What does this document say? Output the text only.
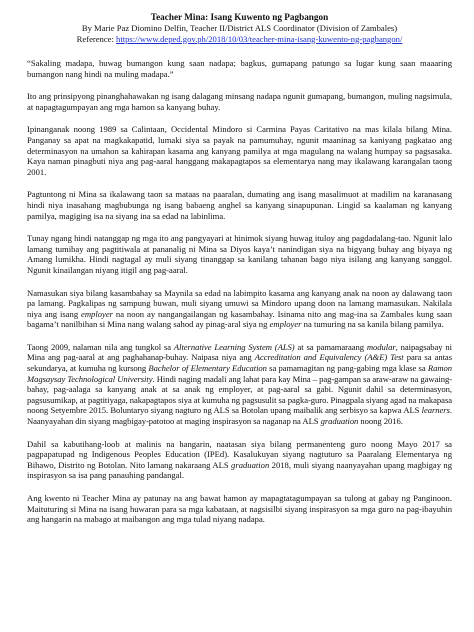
Teacher Mina: Isang Kuwento ng Pagbangon

By Marie Paz Diomino Delfin, Teacher II/District ALS Coordinator (Division of Zambales)

Reference: https://www.deped.gov.ph/2018/10/03/teacher-mina-isang-kuwento-ng-pagbangon/

“Sakaling madapa, huwag bumangon kung saan nadapa; bagkus, gumapang patungo sa lugar kung saan maaaring bumangon nang hindi na muling madapa.”

Ito ang prinsipyong pinanghahawakan ng isang dalagang minsang nadapa ngunit gumapang, bumangon, muling nagsimula, at napagtagumpayan ang mga hamon sa kanyang buhay.

Ipinanganak noong 1989 sa Calintaan, Occidental Mindoro si Carmina Payas Caritativo na mas kilala bilang Mina. Panganay sa apat na magkakapatid, lumaki siya sa payak na pamumuhay, ngunit maaninag sa kaniyang pagkatao ang determinasyon na umahon sa kahirapan kasama ang kanyang pamilya at mga magulang na walang humpay sa pagsasaka. Kaya naman pinagbuti niya ang pag-aaral hanggang makapagtapos sa elementarya nang may ikalawang karangalan taong 2001.

Pagtuntong ni Mina sa ikalawang taon sa mataas na paaralan, dumating ang isang masalimuot at madilim na karanasang hindi niya inasahang magbubunga ng isang babaeng anghel sa kanyang sinapupunan. Lingid sa kaalaman ng kanyang pamilya, magiging isa na siyang ina sa edad na labinlima.

Tunay ngang hindi natanggap ng mga ito ang pangyayari at hinimok siyang huwag ituloy ang pagdadalang-tao. Ngunit lalo lamang tumibay ang pagtitiwala at pananalig ni Mina sa Diyos kaya’t nanindigan siya na bigyang buhay ang biyaya ng Amang lumikha. Hindi nagtagal ay muli siyang tinanggap sa kanilang tahanan bago niya isilang ang kanyang sanggol. Ngunit kinailangan niyang itigil ang pag-aaral.

Namasukan siya bilang kasambahay sa Maynila sa edad na labimpito kasama ang kanyang anak na noon ay dalawang taon pa lamang. Pagkalipas ng sampung buwan, muli siyang umuwi sa Mindoro upang doon na lamang mamasukan. Nakilala niya ang isang employer na noon ay nangangailangan ng kasambahay. Isinama nito ang mag-ina sa Zambales kung saan bagama’t nanilbihan si Mina nang walang sahod ay pinag-aral siya ng employer na tumuring na sa kanila bilang pamilya.

Taong 2009, nalaman nila ang tungkol sa Alternative Learning System (ALS) at sa pamamaraang modular, naipagsabay ni Mina ang pag-aaral at ang paghahanap-buhay. Naipasa niya ang Accreditation and Equivalency (A&E) Test para sa antas sekundarya, at kumuha ng kursong Bachelor of Elementary Education sa pamamagitan ng pang-gabing mga klase sa Ramon Magsaysay Technological University. Hindi naging madali ang lahat para kay Mina – pag-gampan sa araw-araw na gawaing-bahay, pag-aalaga sa kanyang anak at sa anak ng employer, at pag-aaral sa gabi. Ngunit dahil sa determinasyon, pagsusumikap, at pagtitiyaga, nakapagtapos siya at kumuha ng pagsusulit sa pagka-guro. Pinagpala siyang agad na makapasa noong Setyembre 2015. Boluntaryo siyang nagturo ng ALS sa Botolan upang maibalik ang serbisyo sa kapwa ALS learners. Naanyayahan din siyang magbigay-patotoo at maging inspirasyon sa naganap na ALS graduation noong 2016.

Dahil sa kabutihang-loob at malinis na hangarin, naatasan siya bilang permanenteng guro noong Mayo 2017 sa pagpapatupad ng Indigenous Peoples Education (IPEd). Kasalukuyan siyang nagtuturo sa Paaralang Elementarya ng Bihawo, Distrito ng Botolan. Nito lamang nakaraang ALS graduation 2018, muli siyang naanyayahan upang magbigay ng inspirasyon sa isa pang panauhing pandangal.

Ang kwento ni Teacher Mina ay patunay na ang bawat hamon ay mapagtatagumpayan sa tulong at gabay ng Panginoon. Maituturing si Mina na isang huwaran para sa mga kabataan, at nagsisilbi siyang inspirasyon sa mga guro na pag-ibayuhin ang hangarin na mabago at maibangon ang mga tulad niyang nadapa.
